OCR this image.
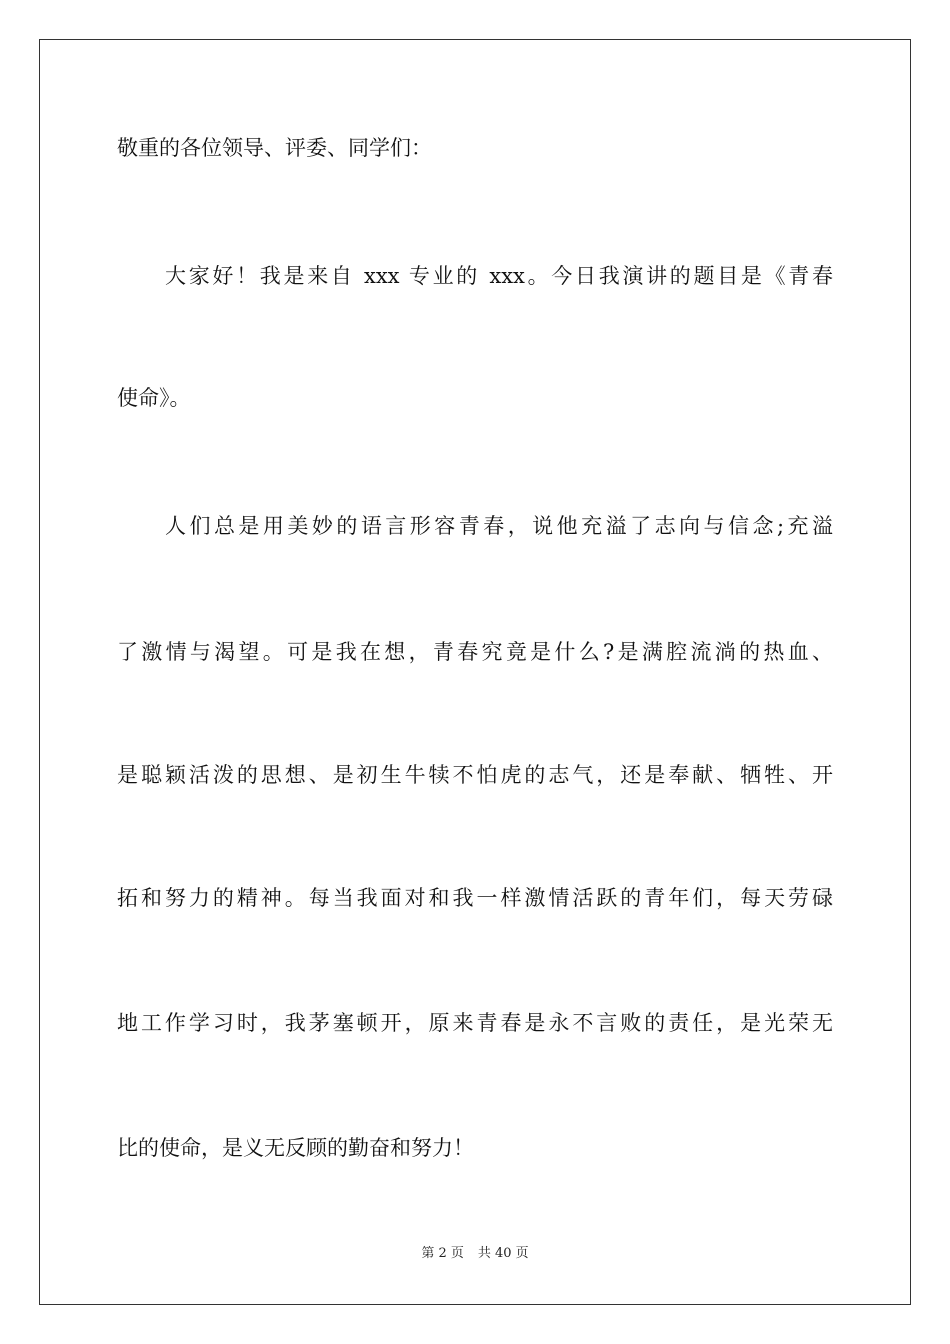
敬重的各位领导、评委、同学们：
大家好！我是来自 xxx 专业的 xxx。今日我演讲的题目是《青春
使命》。
人们总是用美妙的语言形容青春，说他充溢了志向与信念;充溢
了激情与渴望。可是我在想，青春究竟是什么?是满腔流淌的热血、
是聪颖活泼的思想、是初生牛犊不怕虎的志气，还是奉献、牺牲、开
拓和努力的精神。每当我面对和我一样激情活跃的青年们，每天劳碌
地工作学习时，我茅塞顿开，原来青春是永不言败的责任，是光荣无
比的使命，是义无反顾的勤奋和努力！
第 2 页 共 40 页
